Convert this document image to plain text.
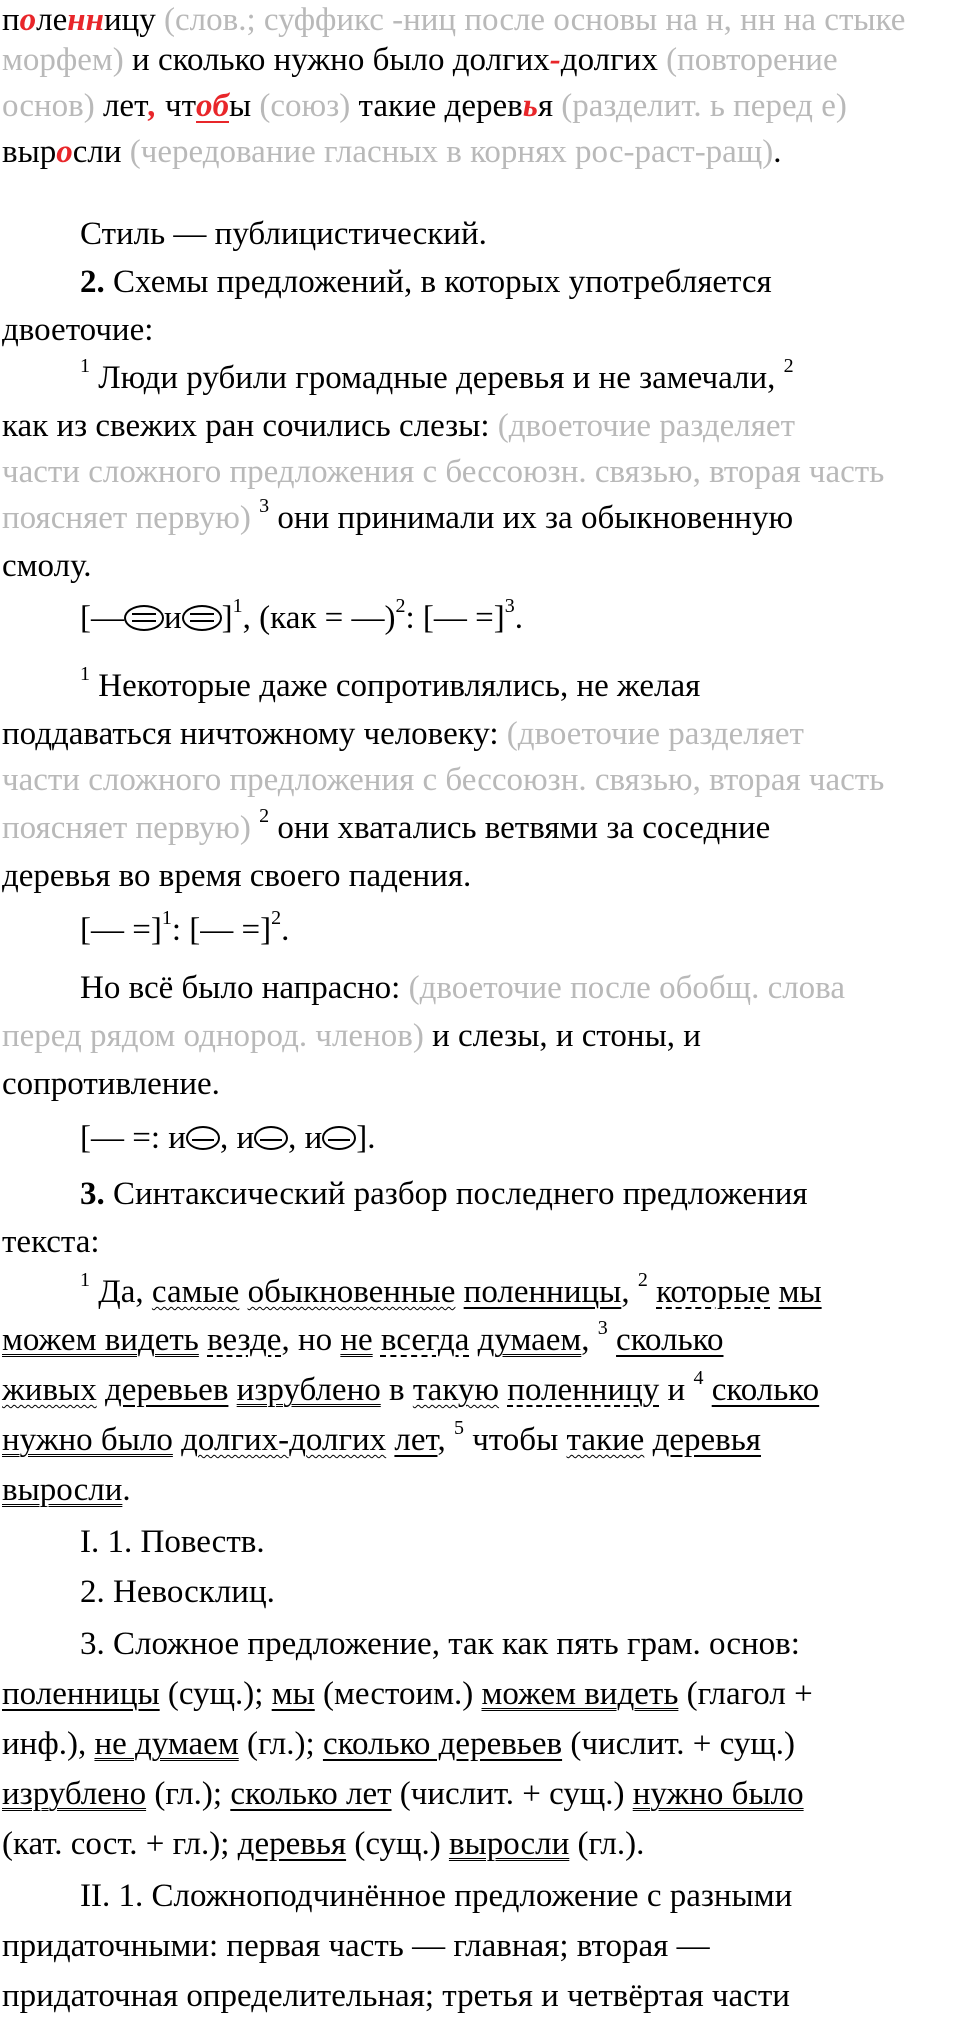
поленницу (слов.; суффикс -ниц после основы на н, нн на стыке
морфем) и сколько нужно было долгих-долгих (повторение
основ) лет, чтобы (союз) такие деревья (разделит. ь перед е)
выросли (чередование гласных в корнях рос-раст-ращ).
Стиль — публицистический.
2. Схемы предложений, в которых употребляется
двоеточие:
$^1$ Люди рубили громадные деревья и не замечали, $^2$
как из свежих ран сочились слезы: (двоеточие разделяет
части сложного предложения с бессоюзн. связью, вторая часть
поясняет первую) $^3$ они принимали их за обыкновенную
смолу.
[— и ]$^1$, (как = —)$^2$: [— =]$^3$.
$^1$ Некоторые даже сопротивлялись, не желая
поддаваться ничтожному человеку: (двоеточие разделяет
части сложного предложения с бессоюзн. связью, вторая часть
поясняет первую) $^2$ они хватались ветвями за соседние
деревья во время своего падения.
[— =]$^1$: [— =]$^2$.
Но всё было напрасно: (двоеточие после обобщ. слова
перед рядом однород. членов) и слезы, и стоны, и
сопротивление.
[— =: и , и , и ].
3. Синтаксический разбор последнего предложения
текста:
$^1$ Да, самые обыкновенные поленницы, $^2$ которые мы
можем видеть везде, но не всегда думаем, $^3$ сколько
живых деревьев изрублено в такую поленницу и $^4$ сколько
нужно было долгих-долгих лет, $^5$ чтобы такие деревья
выросли.
I. 1. Повеств.
2. Невосклиц.
3. Сложное предложение, так как пять грам. основ:
поленницы (сущ.); мы (местоим.) можем видеть (глагол +
инф.), не думаем (гл.); сколько деревьев (числит. + сущ.)
изрублено (гл.); сколько лет (числит. + сущ.) нужно было
(кат. сост. + гл.); деревья (сущ.) выросли (гл.).
II. 1. Сложноподчинённое предложение с разными
придаточными: первая часть — главная; вторая —
придаточная определительная; третья и четвёртая части
